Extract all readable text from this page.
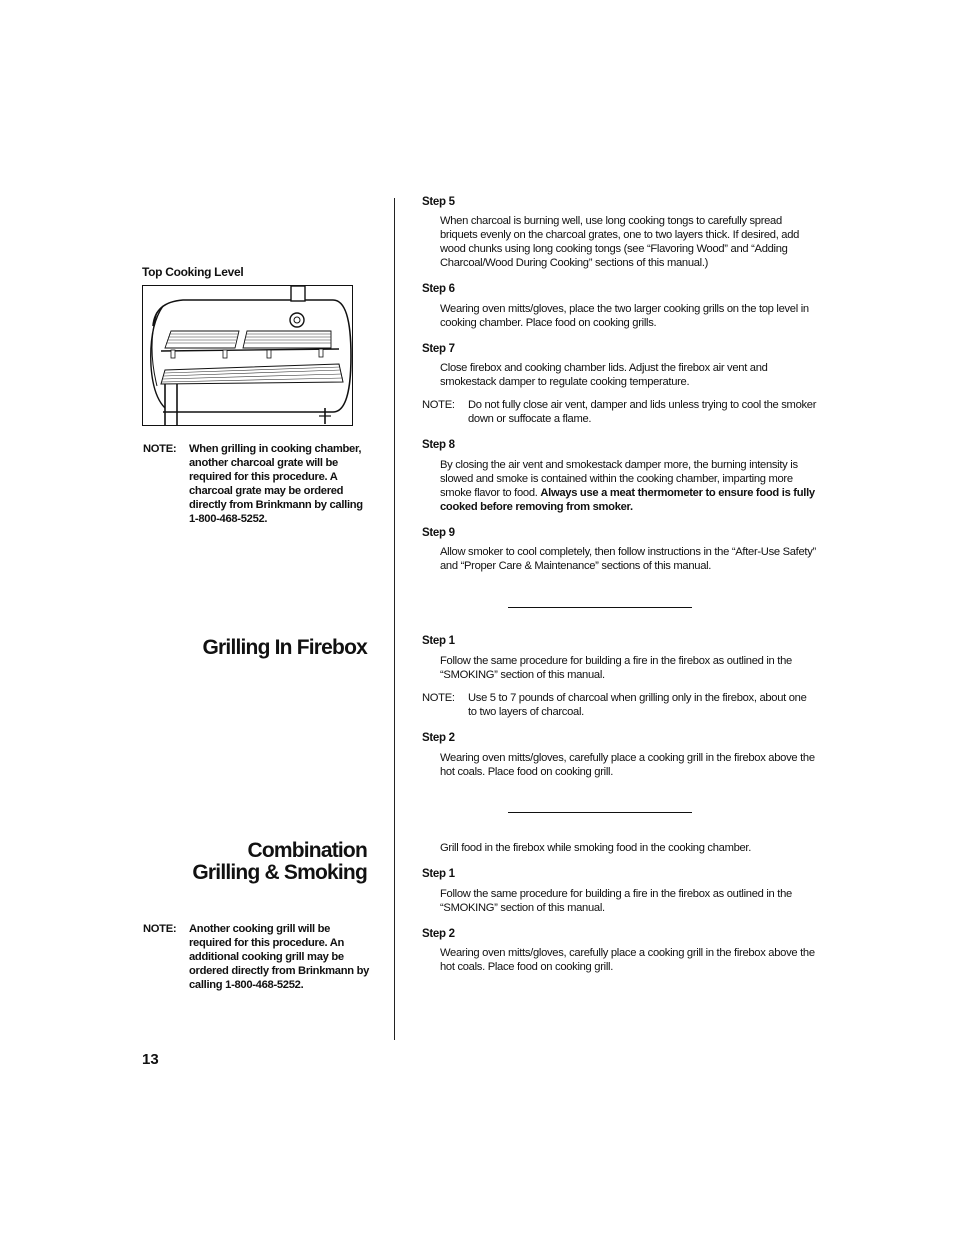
Top Cooking Level
NOTE: When grilling in cooking chamber, another charcoal grate will be required for this procedure. A charcoal grate may be ordered directly from Brinkmann by calling 1-800-468-5252.
Grilling In Firebox
Combination
Grilling & Smoking
NOTE: Another cooking grill will be required for this procedure. An additional cooking grill may be ordered directly from Brinkmann by calling 1-800-468-5252.
13
Step 5
When charcoal is burning well, use long cooking tongs to carefully spread briquets evenly on the charcoal grates, one to two layers thick. If desired, add wood chunks using long cooking tongs (see “Flavoring Wood” and “Adding Charcoal/Wood During Cooking” sections of this manual.)
Step 6
Wearing oven mitts/gloves, place the two larger cooking grills on the top level in cooking chamber. Place food on cooking grills.
Step 7
Close firebox and cooking chamber lids. Adjust the firebox air vent and smokestack damper to regulate cooking temperature.
NOTE: Do not fully close air vent, damper and lids unless trying to cool the smoker down or suffocate a flame.
Step 8
By closing the air vent and smokestack damper more, the burning intensity is slowed and smoke is contained within the cooking chamber, imparting more smoke flavor to food. Always use a meat thermometer to ensure food is fully cooked before removing from smoker.
Step 9
Allow smoker to cool completely, then follow instructions in the “After-Use Safety” and “Proper Care & Maintenance” sections of this manual.
Step 1
Follow the same procedure for building a fire in the firebox as outlined in the “SMOKING” section of this manual.
NOTE: Use 5 to 7 pounds of charcoal when grilling only in the firebox, about one to two layers of charcoal.
Step 2
Wearing oven mitts/gloves, carefully place a cooking grill in the firebox above the hot coals. Place food on cooking grill.
Grill food in the firebox while smoking food in the cooking chamber.
Step 1
Follow the same procedure for building a fire in the firebox as outlined in the “SMOKING” section of this manual.
Step 2
Wearing oven mitts/gloves, carefully place a cooking grill in the firebox above the hot coals. Place food on cooking grill.
